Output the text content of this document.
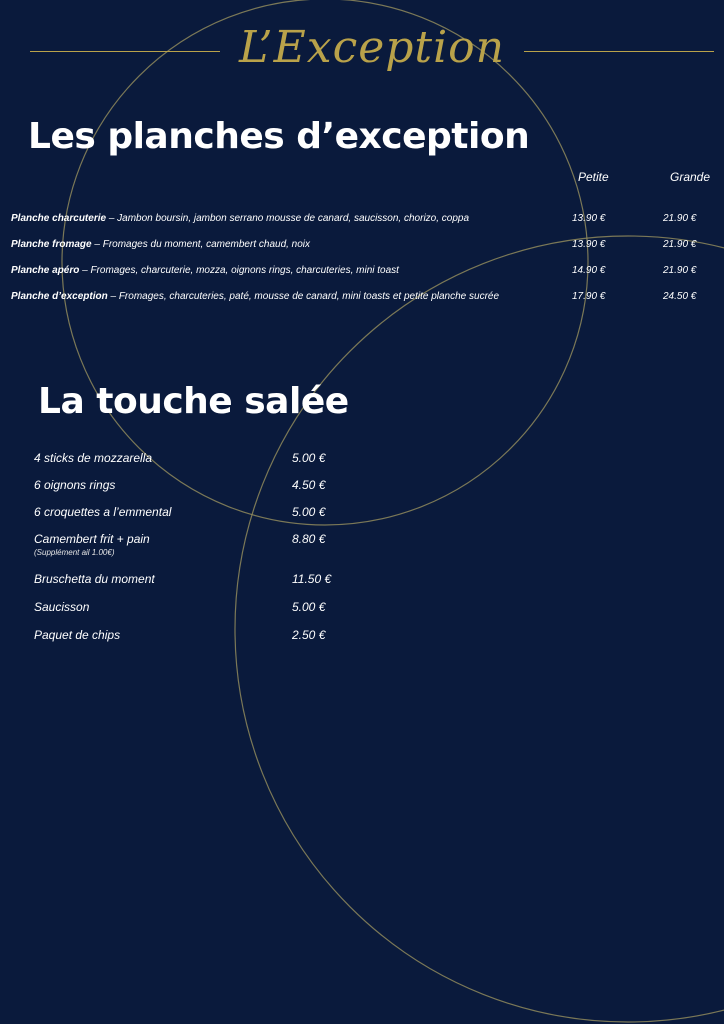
L’Exception
Les planches d’exception
Petite	Grande
Planche charcuterie – Jambon boursin, jambon serrano mousse de canard, saucisson, chorizo, coppa	13.90 €	21.90 €
Planche fromage – Fromages du moment, camembert chaud, noix	13.90 €	21.90 €
Planche apéro – Fromages, charcuterie, mozza, oignons rings, charcuteries, mini toast	14.90 €	21.90 €
Planche d’exception – Fromages, charcuteries, paté, mousse de canard, mini toasts et petite planche sucrée	17.90 €	24.50 €
La touche salée
4 sticks de mozzarella	5.00 €
6 oignons rings	4.50 €
6 croquettes a l’emmental	5.00 €
Camembert frit + pain	8.80 €
(Supplément ail 1.00€)
Bruschetta du moment	11.50 €
Saucisson	5.00 €
Paquet de chips	2.50 €
